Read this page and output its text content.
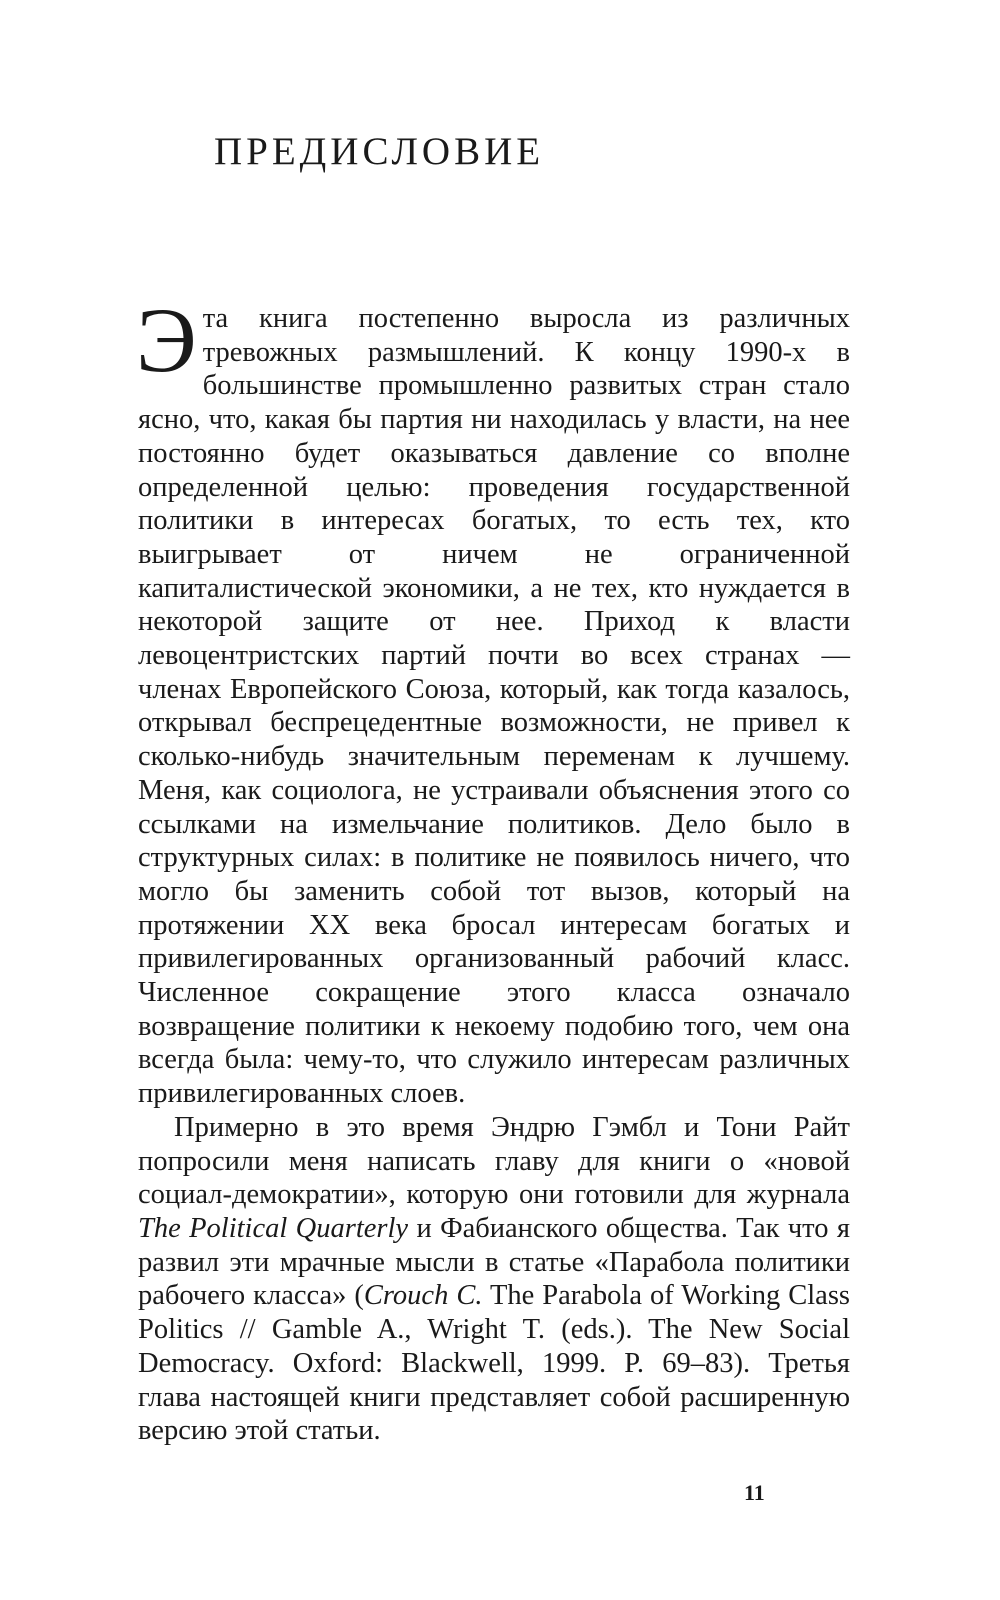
ПРЕДИСЛОВИЕ

Эта книга постепенно выросла из различных тревожных размышлений. К концу 1990-х в большинстве промышленно развитых стран стало ясно, что, какая бы партия ни находилась у власти, на нее постоянно будет оказываться давление со вполне определенной целью: проведения государственной политики в интересах богатых, то есть тех, кто выигрывает от ничем не ограниченной капиталистической экономики, а не тех, кто нуждается в некоторой защите от нее. Приход к власти левоцентристских партий почти во всех странах — членах Европейского Союза, который, как тогда казалось, открывал беспрецедентные возможности, не привел к сколько-нибудь значительным переменам к лучшему. Меня, как социолога, не устраивали объяснения этого со ссылками на измельчание политиков. Дело было в структурных силах: в политике не появилось ничего, что могло бы заменить собой тот вызов, который на протяжении XX века бросал интересам богатых и привилегированных организованный рабочий класс. Численное сокращение этого класса означало возвращение политики к некоему подобию того, чем она всегда была: чему-то, что служило интересам различных привилегированных слоев.

Примерно в это время Эндрю Гэмбл и Тони Райт попросили меня написать главу для книги о «новой социал-демократии», которую они готовили для журнала The Political Quarterly и Фабианского общества. Так что я развил эти мрачные мысли в статье «Парабола политики рабочего класса» (Crouch C. The Parabola of Working Class Politics // Gamble A., Wright T. (eds.). The New Social Democracy. Oxford: Blackwell, 1999. P. 69–83). Третья глава настоящей книги представляет собой расширенную версию этой статьи.

11
